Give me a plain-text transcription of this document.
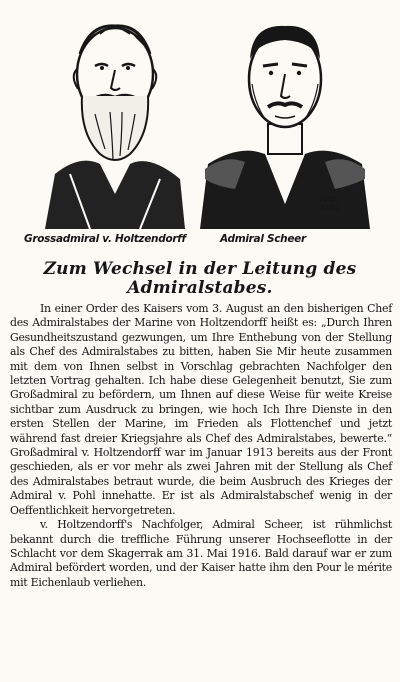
ISTA
3581
Grossadmiral v. Holtzendorff	Admiral Scheer
Zum Wechsel in der Leitung des
Admiralstabes.

In einer Order des Kaisers vom 3. August an den bisherigen Chef des Admiralstabes der Marine von Holtzendorff heißt es: „Durch Ihren Gesundheitszustand gezwungen, um Ihre Enthebung von der Stellung als Chef des Admiralstabes zu bitten, haben Sie Mir heute zusammen mit dem von Ihnen selbst in Vorschlag gebrachten Nachfolger den letzten Vortrag gehalten. Ich habe diese Gelegenheit benutzt, Sie zum Großadmiral zu befördern, um Ihnen auf diese Weise für weite Kreise sichtbar zum Ausdruck zu bringen, wie hoch Ich Ihre Dienste in den ersten Stellen der Marine, im Frieden als Flottenchef und jetzt während fast dreier Kriegsjahre als Chef des Admiralstabes, bewerte.“ Großadmiral v. Holtzendorff war im Januar 1913 bereits aus der Front geschieden, als er vor mehr als zwei Jahren mit der Stellung als Chef des Admiralstabes betraut wurde, die beim Ausbruch des Krieges der Admiral v. Pohl innehatte. Er ist als Admiralstabschef wenig in der Oeffentlichkeit hervorgetreten.

v. Holtzendorff's Nachfolger, Admiral Scheer, ist rühmlichst bekannt durch die treffliche Führung unserer Hochseeflotte in der Schlacht vor dem Skagerrak am 31. Mai 1916. Bald darauf war er zum Admiral befördert worden, und der Kaiser hatte ihm den Pour le mérite mit Eichenlaub verliehen.
